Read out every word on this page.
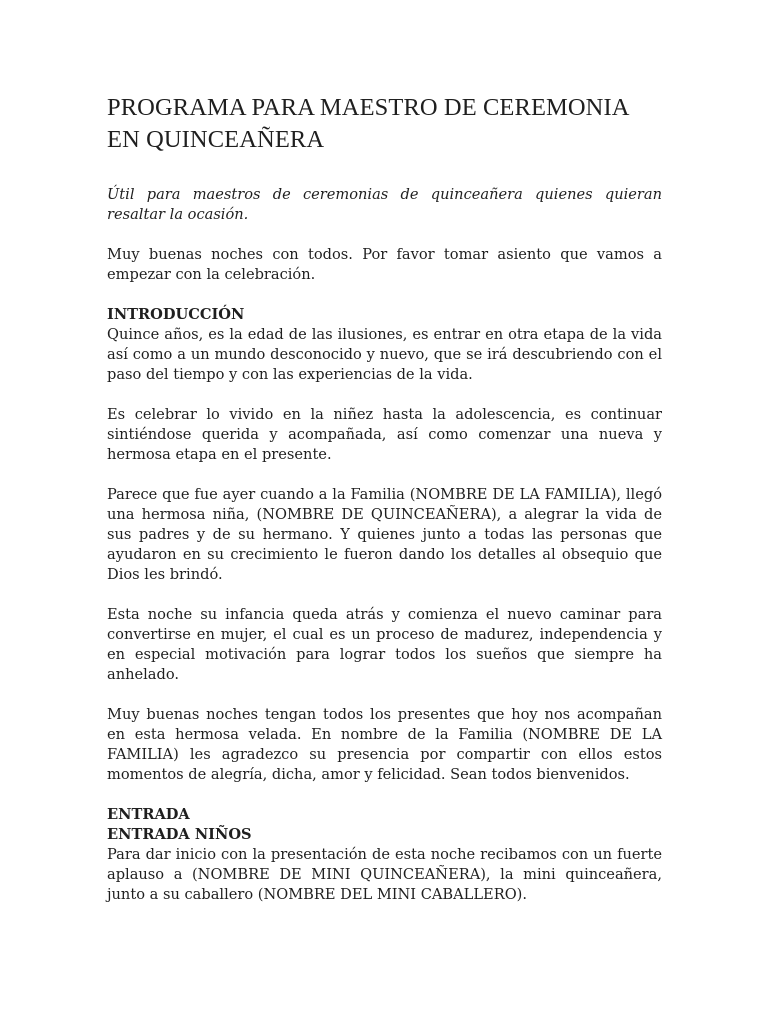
PROGRAMA PARA MAESTRO DE CEREMONIA EN QUINCEAÑERA

Útil para maestros de ceremonias de quinceañera quienes quieran resaltar la ocasión.

Muy buenas noches con todos. Por favor tomar asiento que vamos a empezar con la celebración.

INTRODUCCIÓN

Quince años, es la edad de las ilusiones, es entrar en otra etapa de la vida así como a un mundo desconocido y nuevo, que se irá descubriendo con el paso del tiempo y con las experiencias de la vida.

Es celebrar lo vivido en la niñez hasta la adolescencia, es continuar sintiéndose querida y acompañada, así como comenzar una nueva y hermosa etapa en el presente.

Parece que fue ayer cuando a la Familia (NOMBRE DE LA FAMILIA), llegó una hermosa niña, (NOMBRE DE QUINCEAÑERA), a alegrar la vida de sus padres y de su hermano. Y quienes junto a todas las personas que ayudaron en su crecimiento le fueron dando los detalles al obsequio que Dios les brindó.

Esta noche su infancia queda atrás y comienza el nuevo caminar para convertirse en mujer, el cual es un proceso de madurez, independencia y en especial motivación para lograr todos los sueños que siempre ha anhelado.

Muy buenas noches tengan todos los presentes que hoy nos acompañan en esta hermosa velada. En nombre de la Familia (NOMBRE DE LA FAMILIA) les agradezco su presencia por compartir con ellos estos momentos de alegría, dicha, amor y felicidad. Sean todos bienvenidos.

ENTRADA
ENTRADA NIÑOS

Para dar inicio con la presentación de esta noche recibamos con un fuerte aplauso a (NOMBRE DE MINI QUINCEAÑERA), la mini quinceañera, junto a su caballero (NOMBRE DEL MINI CABALLERO).
